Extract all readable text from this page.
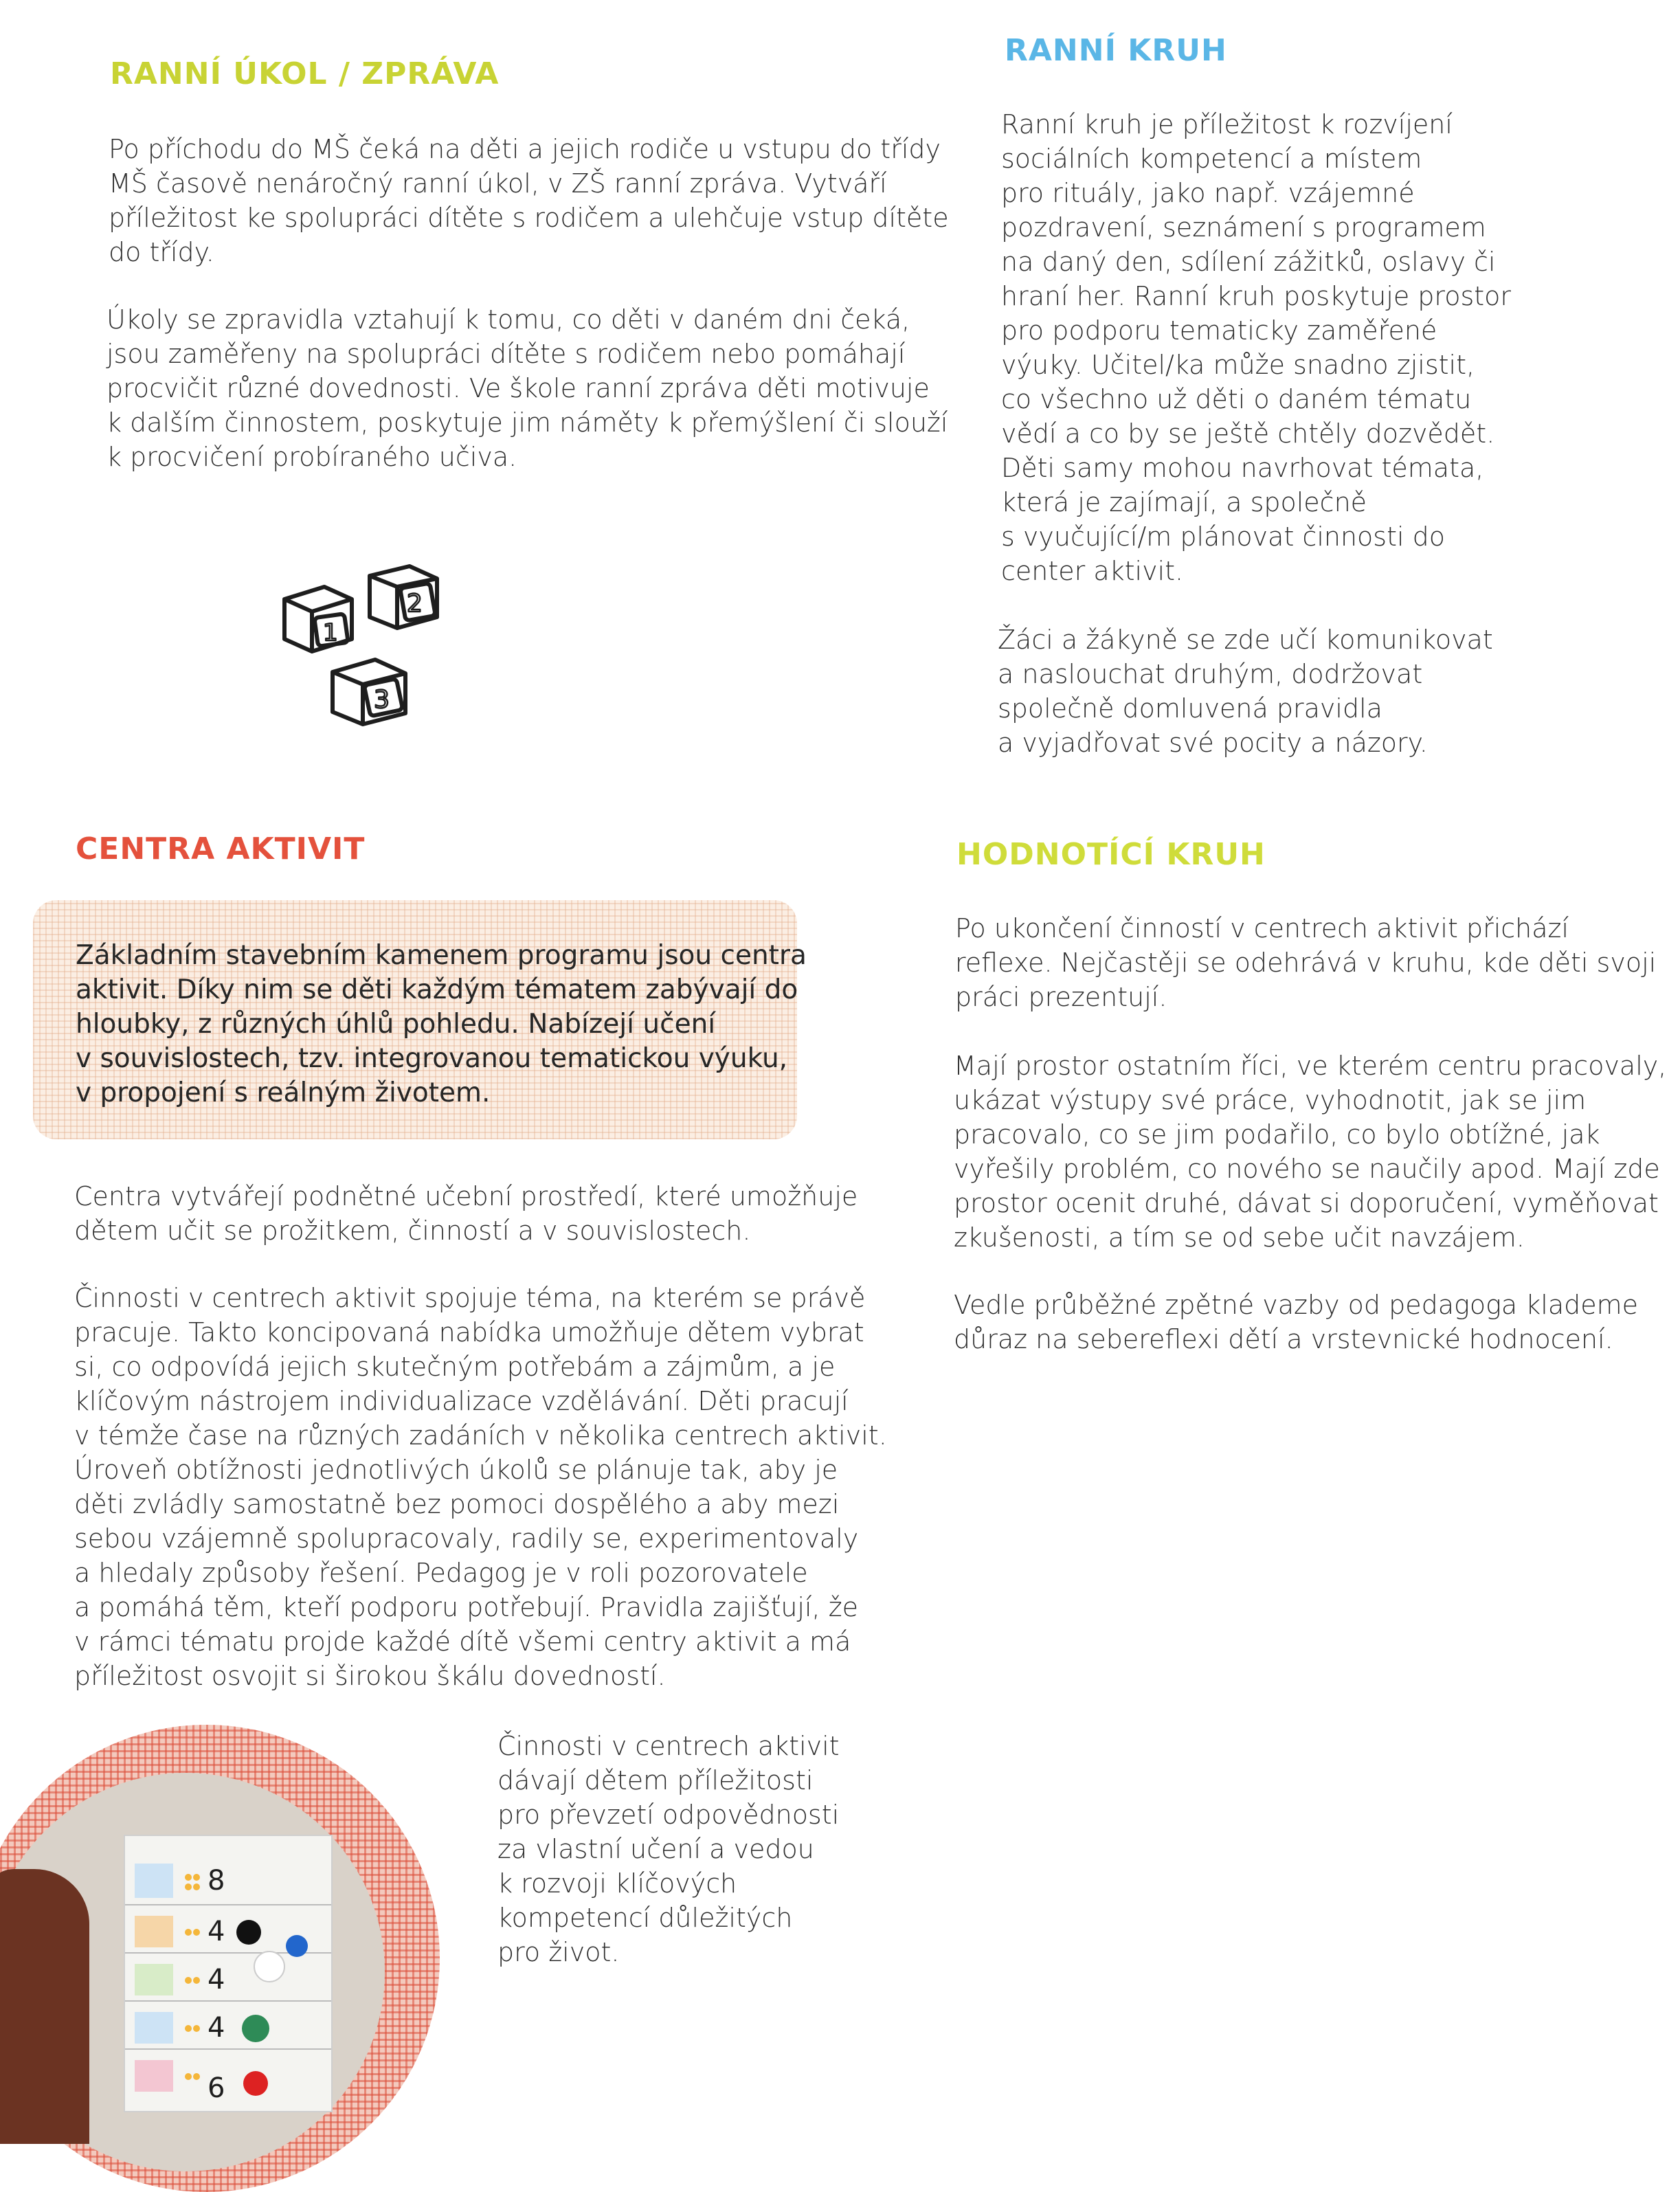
RANNÍ ÚKOL / ZPRÁVA

Po příchodu do MŠ čeká na děti a jejich rodiče u vstupu do třídy
MŠ časově nenáročný ranní úkol, v ZŠ ranní zpráva. Vytváří
příležitost ke spolupráci dítěte s rodičem a ulehčuje vstup dítěte
do třídy.

Úkoly se zpravidla vztahují k tomu, co děti v daném dni čeká,
jsou zaměřeny na spolupráci dítěte s rodičem nebo pomáhají
procvičit různé dovednosti. Ve škole ranní zpráva děti motivuje
k dalším činnostem, poskytuje jim náměty k přemýšlení či slouží
k procvičení probíraného učiva.

1
2
3
RANNÍ KRUH

Ranní kruh je příležitost k rozvíjení
sociálních kompetencí a místem
pro rituály, jako např. vzájemné
pozdravení, seznámení s programem
na daný den, sdílení zážitků, oslavy či
hraní her. Ranní kruh poskytuje prostor
pro podporu tematicky zaměřené
výuky. Učitel/ka může snadno zjistit,
co všechno už děti o daném tématu
vědí a co by se ještě chtěly dozvědět.
Děti samy mohou navrhovat témata,
která je zajímají, a společně
s vyučující/m plánovat činnosti do
center aktivit.

Žáci a žákyně se zde učí komunikovat
a naslouchat druhým, dodržovat
společně domluvená pravidla
a vyjadřovat své pocity a názory.

CENTRA AKTIVIT

Základním stavebním kamenem programu jsou centra
aktivit. Díky nim se děti každým tématem zabývají do
hloubky, z různých úhlů pohledu. Nabízejí učení
v souvislostech, tzv. integrovanou tematickou výuku,
v propojení s reálným životem.

Centra vytvářejí podnětné učební prostředí, které umožňuje
dětem učit se prožitkem, činností a v souvislostech.

Činnosti v centrech aktivit spojuje téma, na kterém se právě
pracuje. Takto koncipovaná nabídka umožňuje dětem vybrat
si, co odpovídá jejich skutečným potřebám a zájmům, a je
klíčovým nástrojem individualizace vzdělávání. Děti pracují
v témže čase na různých zadáních v několika centrech aktivit.
Úroveň obtížnosti jednotlivých úkolů se plánuje tak, aby je
děti zvládly samostatně bez pomoci dospělého a aby mezi
sebou vzájemně spolupracovaly, radily se, experimentovaly
a hledaly způsoby řešení. Pedagog je v roli pozorovatele
a pomáhá těm, kteří podporu potřebují. Pravidla zajišťují, že
v rámci tématu projde každé dítě všemi centry aktivit a má
příležitost osvojit si širokou škálu dovedností.

Činnosti v centrech aktivit
dávají dětem příležitosti
pro převzetí odpovědnosti
za vlastní učení a vedou
k rozvoji klíčových
kompetencí důležitých
pro život.

8
4
4
4
6
HODNOTÍCÍ KRUH

Po ukončení činností v centrech aktivit přichází
reflexe. Nejčastěji se odehrává v kruhu, kde děti svoji
práci prezentují.

Mají prostor ostatním říci, ve kterém centru pracovaly,
ukázat výstupy své práce, vyhodnotit, jak se jim
pracovalo, co se jim podařilo, co bylo obtížné, jak
vyřešily problém, co nového se naučily apod. Mají zde
prostor ocenit druhé, dávat si doporučení, vyměňovat
zkušenosti, a tím se od sebe učit navzájem.

Vedle průběžné zpětné vazby od pedagoga klademe
důraz na sebereflexi dětí a vrstevnické hodnocení.
